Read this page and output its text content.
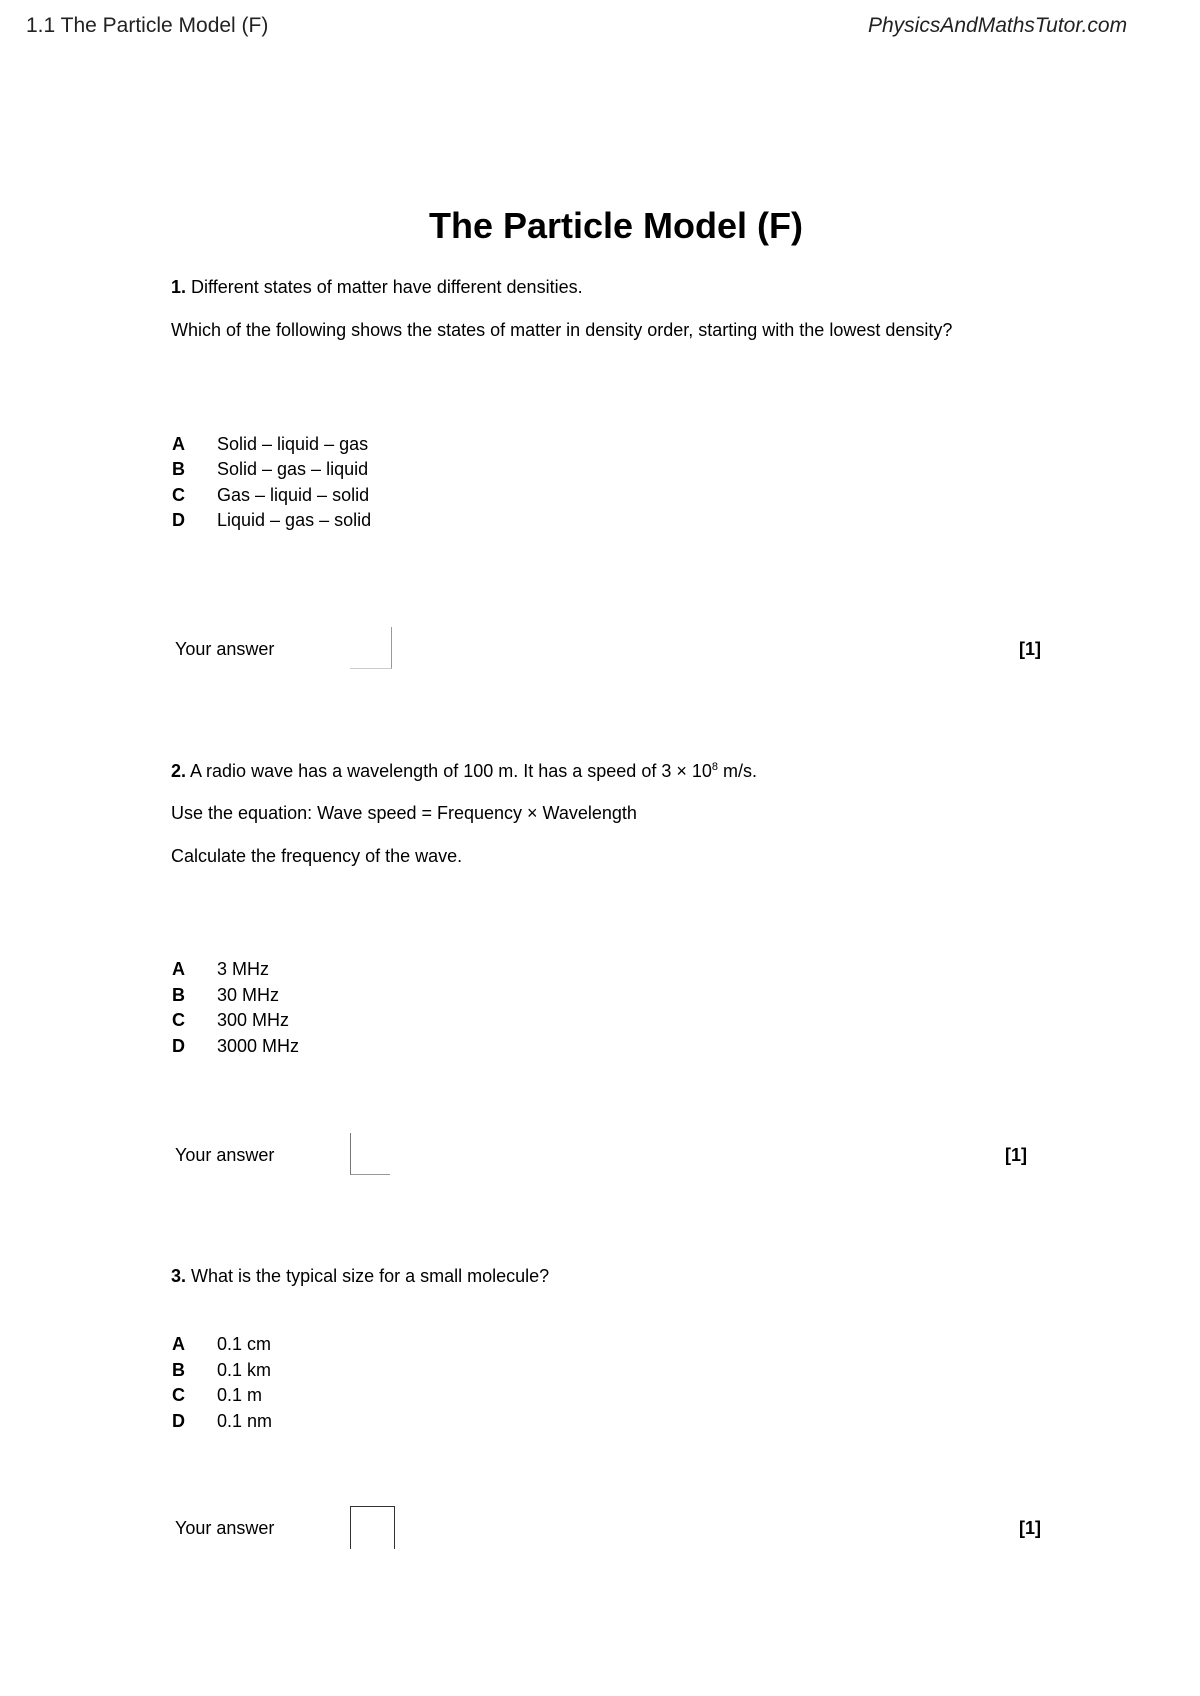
1.1 The Particle Model (F)	PhysicsAndMathsTutor.com
The Particle Model (F)
1. Different states of matter have different densities.
Which of the following shows the states of matter in density order, starting with the lowest density?
A Solid – liquid – gas
B Solid – gas – liquid
C Gas – liquid – solid
D Liquid – gas – solid
Your answer	[1]
2. A radio wave has a wavelength of 100 m. It has a speed of $3 \times 10^8$ m/s.
Use the equation: Wave speed = Frequency × Wavelength
Calculate the frequency of the wave.
A 3 MHz
B 30 MHz
C 300 MHz
D 3000 MHz
Your answer	[1]
3. What is the typical size for a small molecule?
A 0.1 cm
B 0.1 km
C 0.1 m
D 0.1 nm
Your answer	[1]
